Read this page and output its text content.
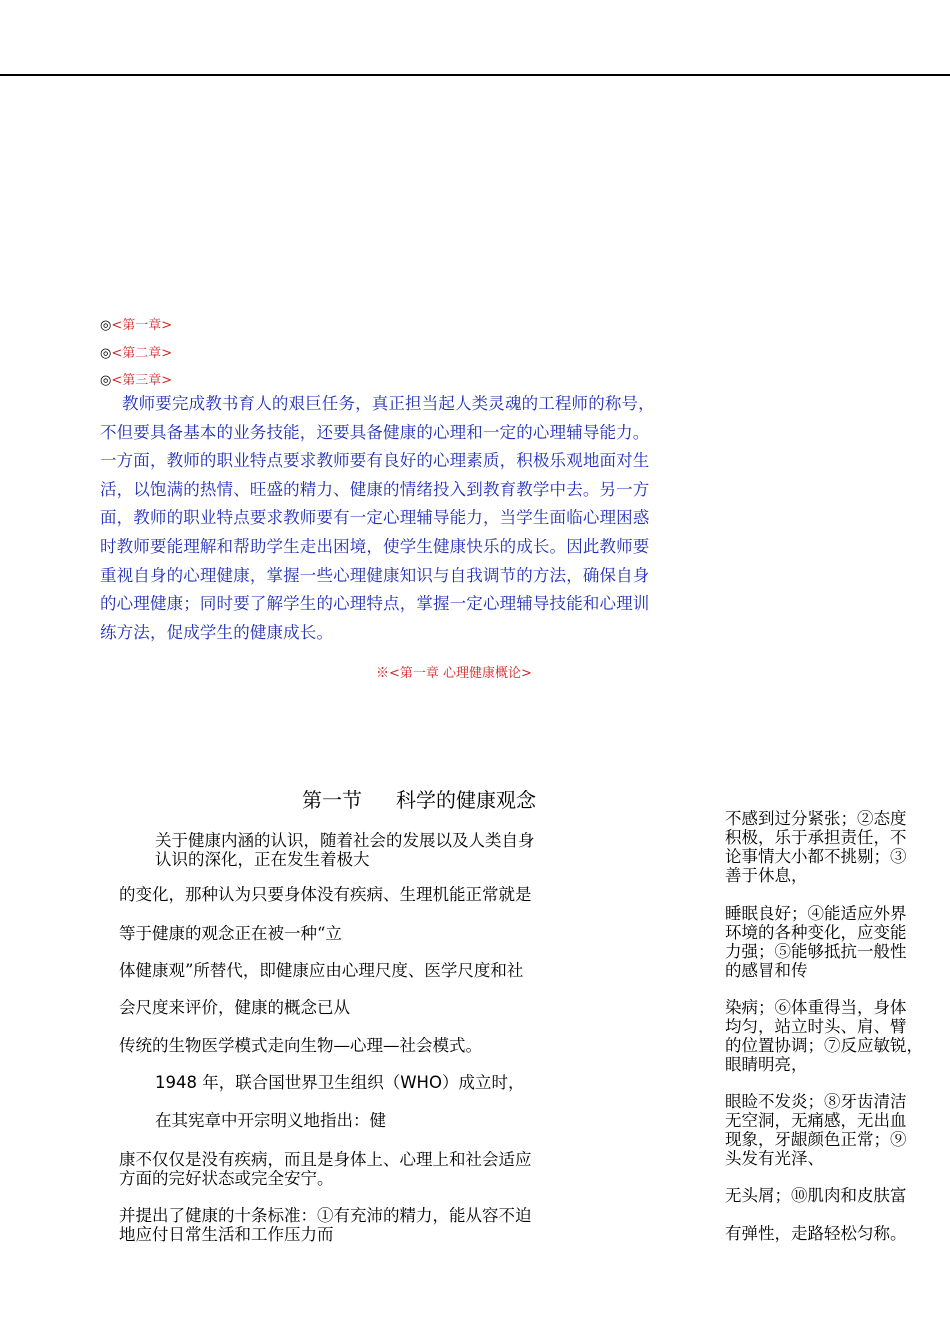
◎<第一章>
◎<第二章>
◎<第三章>
教师要完成教书育人的艰巨任务，真正担当起人类灵魂的工程师的称号，
不但要具备基本的业务技能，还要具备健康的心理和一定的心理辅导能力。
一方面，教师的职业特点要求教师要有良好的心理素质，积极乐观地面对生
活，以饱满的热情、旺盛的精力、健康的情绪投入到教育教学中去。另一方
面，教师的职业特点要求教师要有一定心理辅导能力，当学生面临心理困惑
时教师要能理解和帮助学生走出困境，使学生健康快乐的成长。因此教师要
重视自身的心理健康，掌握一些心理健康知识与自我调节的方法，确保自身
的心理健康；同时要了解学生的心理特点，掌握一定心理辅导技能和心理训
练方法，促成学生的健康成长。
※<第一章 心理健康概论>
第一节 科学的健康观念
关于健康内涵的认识，随着社会的发展以及人类自身
认识的深化，正在发生着极大
的变化，那种认为只要身体没有疾病、生理机能正常就是
等于健康的观念正在被一种“立
体健康观”所替代，即健康应由心理尺度、医学尺度和社
会尺度来评价，健康的概念已从
传统的生物医学模式走向生物—心理—社会模式。
1948 年，联合国世界卫生组织（WHO）成立时，
在其宪章中开宗明义地指出：健
康不仅仅是没有疾病，而且是身体上、心理上和社会适应
方面的完好状态或完全安宁。
并提出了健康的十条标准：①有充沛的精力，能从容不迫
地应付日常生活和工作压力而
不感到过分紧张；②态度
积极，乐于承担责任，不
论事情大小都不挑剔；③
善于休息，
睡眠良好；④能适应外界
环境的各种变化，应变能
力强；⑤能够抵抗一般性
的感冒和传
染病；⑥体重得当，身体
均匀，站立时头、肩、臂
的位置协调；⑦反应敏锐，
眼睛明亮，
眼睑不发炎；⑧牙齿清洁
无空洞，无痛感，无出血
现象，牙龈颜色正常；⑨
头发有光泽、
无头屑；⑩肌肉和皮肤富
有弹性，走路轻松匀称。
